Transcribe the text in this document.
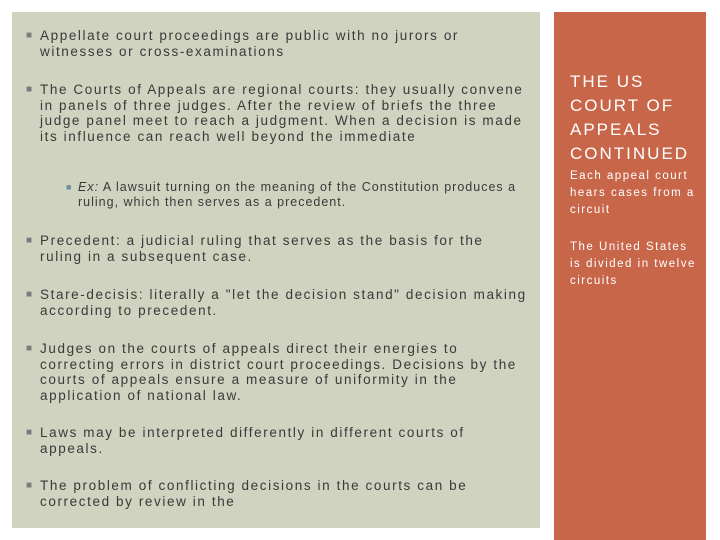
■ Appellate court proceedings are public with no jurors or witnesses or cross-examinations
■ The Courts of Appeals are regional courts: they usually convene in panels of three judges. After the review of briefs the three judge panel meet to reach a judgment. When a decision is made its influence can reach well beyond the immediate
■ Ex: A lawsuit turning on the meaning of the Constitution produces a ruling, which then serves as a precedent.
■ Precedent: a judicial ruling that serves as the basis for the ruling in a subsequent case.
■ Stare-decisis: literally a "let the decision stand" decision making according to precedent.
■ Judges on the courts of appeals direct their energies to correcting errors in district court proceedings. Decisions by the courts of appeals ensure a measure of uniformity in the application of national law.
■ Laws may be interpreted differently in different courts of appeals.
■ The problem of conflicting decisions in the courts can be corrected by review in the
THE US COURT OF APPEALS CONTINUED
Each appeal court hears cases from a circuit
The United States is divided in twelve circuits
